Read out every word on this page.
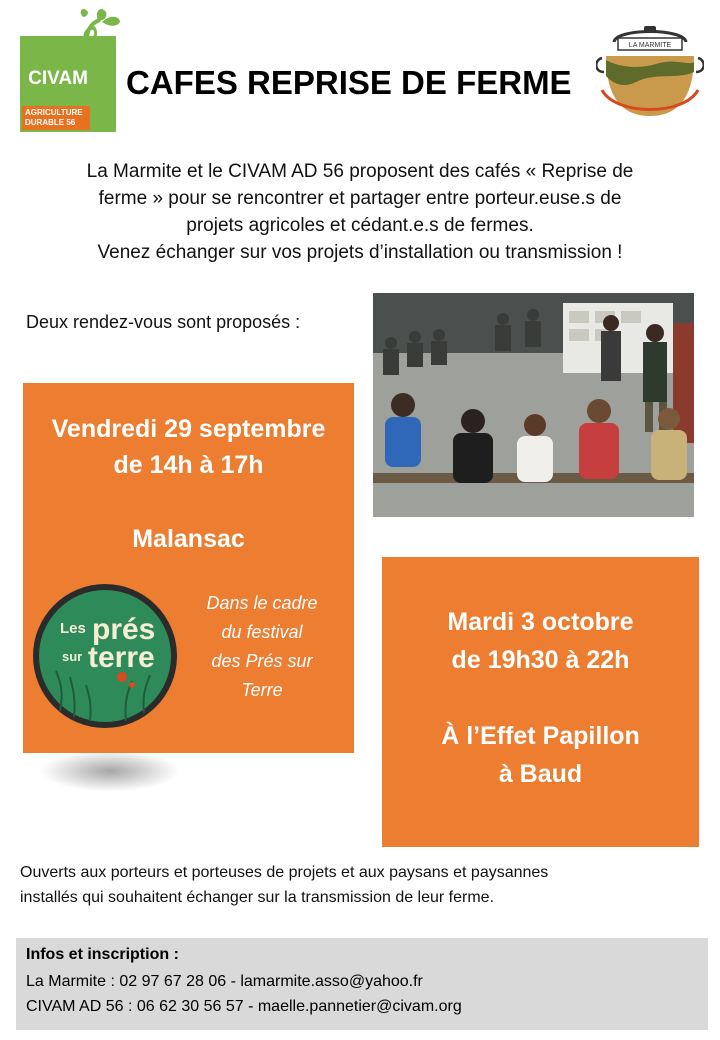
CIVAM
AGRICULTURE
DURABLE 56
CAFES REPRISE DE FERME
LA MARMITE
La Marmite et le CIVAM AD 56 proposent des cafés « Reprise de
ferme » pour se rencontrer et partager entre porteur.euse.s de
projets agricoles et cédant.e.s de fermes.
Venez échanger sur vos projets d’installation ou transmission !
Deux rendez-vous sont proposés :
Vendredi 29 septembre
de 14h à 17h
Malansac
Les prés
sur terre
Dans le cadre
du festival
des Prés sur
Terre
Mardi 3 octobre
de 19h30 à 22h
À l’Effet Papillon
à Baud
Ouverts aux porteurs et porteuses de projets et aux paysans et paysannes
installés qui souhaitent échanger sur la transmission de leur ferme.
Infos et inscription :
La Marmite : 02 97 67 28 06 - lamarmite.asso@yahoo.fr
CIVAM AD 56 : 06 62 30 56 57 - maelle.pannetier@civam.org
